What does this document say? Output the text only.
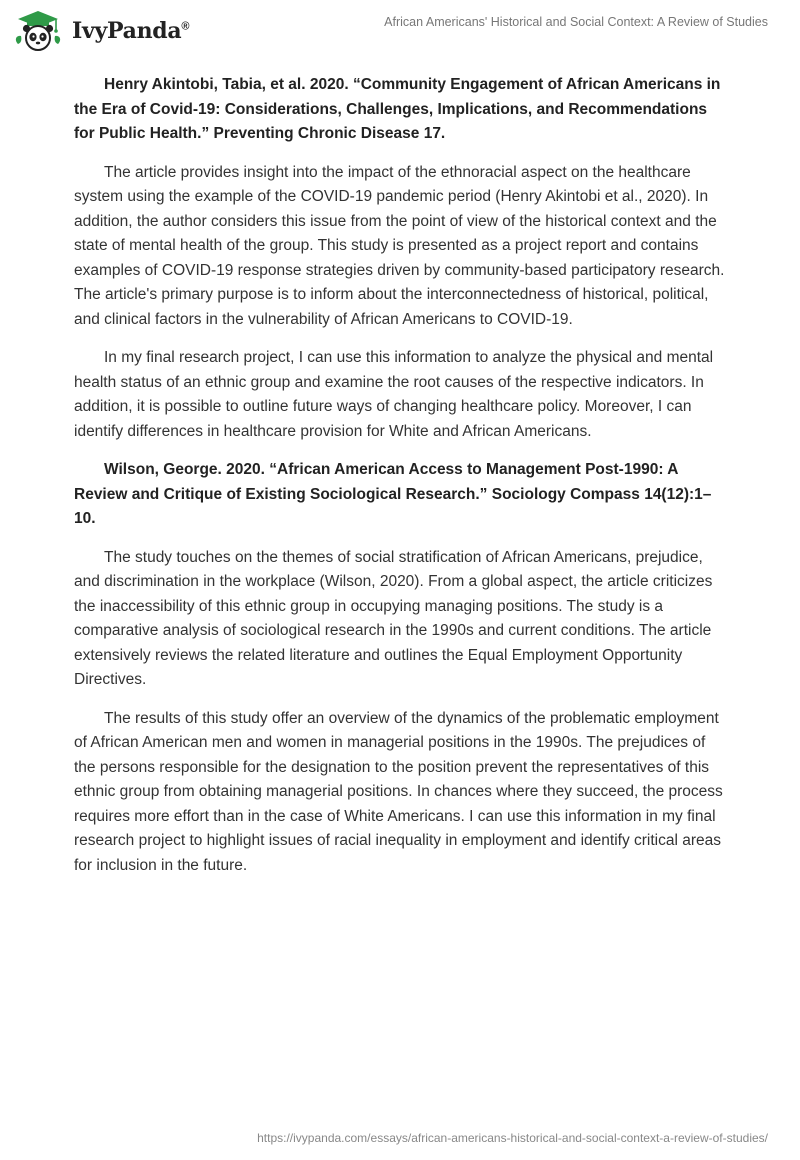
IvyPanda®	African Americans' Historical and Social Context: A Review of Studies

Henry Akintobi, Tabia, et al. 2020. “Community Engagement of African Americans in the Era of Covid-19: Considerations, Challenges, Implications, and Recommendations for Public Health.” Preventing Chronic Disease 17.

The article provides insight into the impact of the ethnoracial aspect on the healthcare system using the example of the COVID-19 pandemic period (Henry Akintobi et al., 2020). In addition, the author considers this issue from the point of view of the historical context and the state of mental health of the group. This study is presented as a project report and contains examples of COVID-19 response strategies driven by community-based participatory research. The article's primary purpose is to inform about the interconnectedness of historical, political, and clinical factors in the vulnerability of African Americans to COVID-19.

In my final research project, I can use this information to analyze the physical and mental health status of an ethnic group and examine the root causes of the respective indicators. In addition, it is possible to outline future ways of changing healthcare policy. Moreover, I can identify differences in healthcare provision for White and African Americans.

Wilson, George. 2020. “African American Access to Management Post-1990: A Review and Critique of Existing Sociological Research.” Sociology Compass 14(12):1–10.

The study touches on the themes of social stratification of African Americans, prejudice, and discrimination in the workplace (Wilson, 2020). From a global aspect, the article criticizes the inaccessibility of this ethnic group in occupying managing positions. The study is a comparative analysis of sociological research in the 1990s and current conditions. The article extensively reviews the related literature and outlines the Equal Employment Opportunity Directives.

The results of this study offer an overview of the dynamics of the problematic employment of African American men and women in managerial positions in the 1990s. The prejudices of the persons responsible for the designation to the position prevent the representatives of this ethnic group from obtaining managerial positions. In chances where they succeed, the process requires more effort than in the case of White Americans. I can use this information in my final research project to highlight issues of racial inequality in employment and identify critical areas for inclusion in the future.

https://ivypanda.com/essays/african-americans-historical-and-social-context-a-review-of-studies/
